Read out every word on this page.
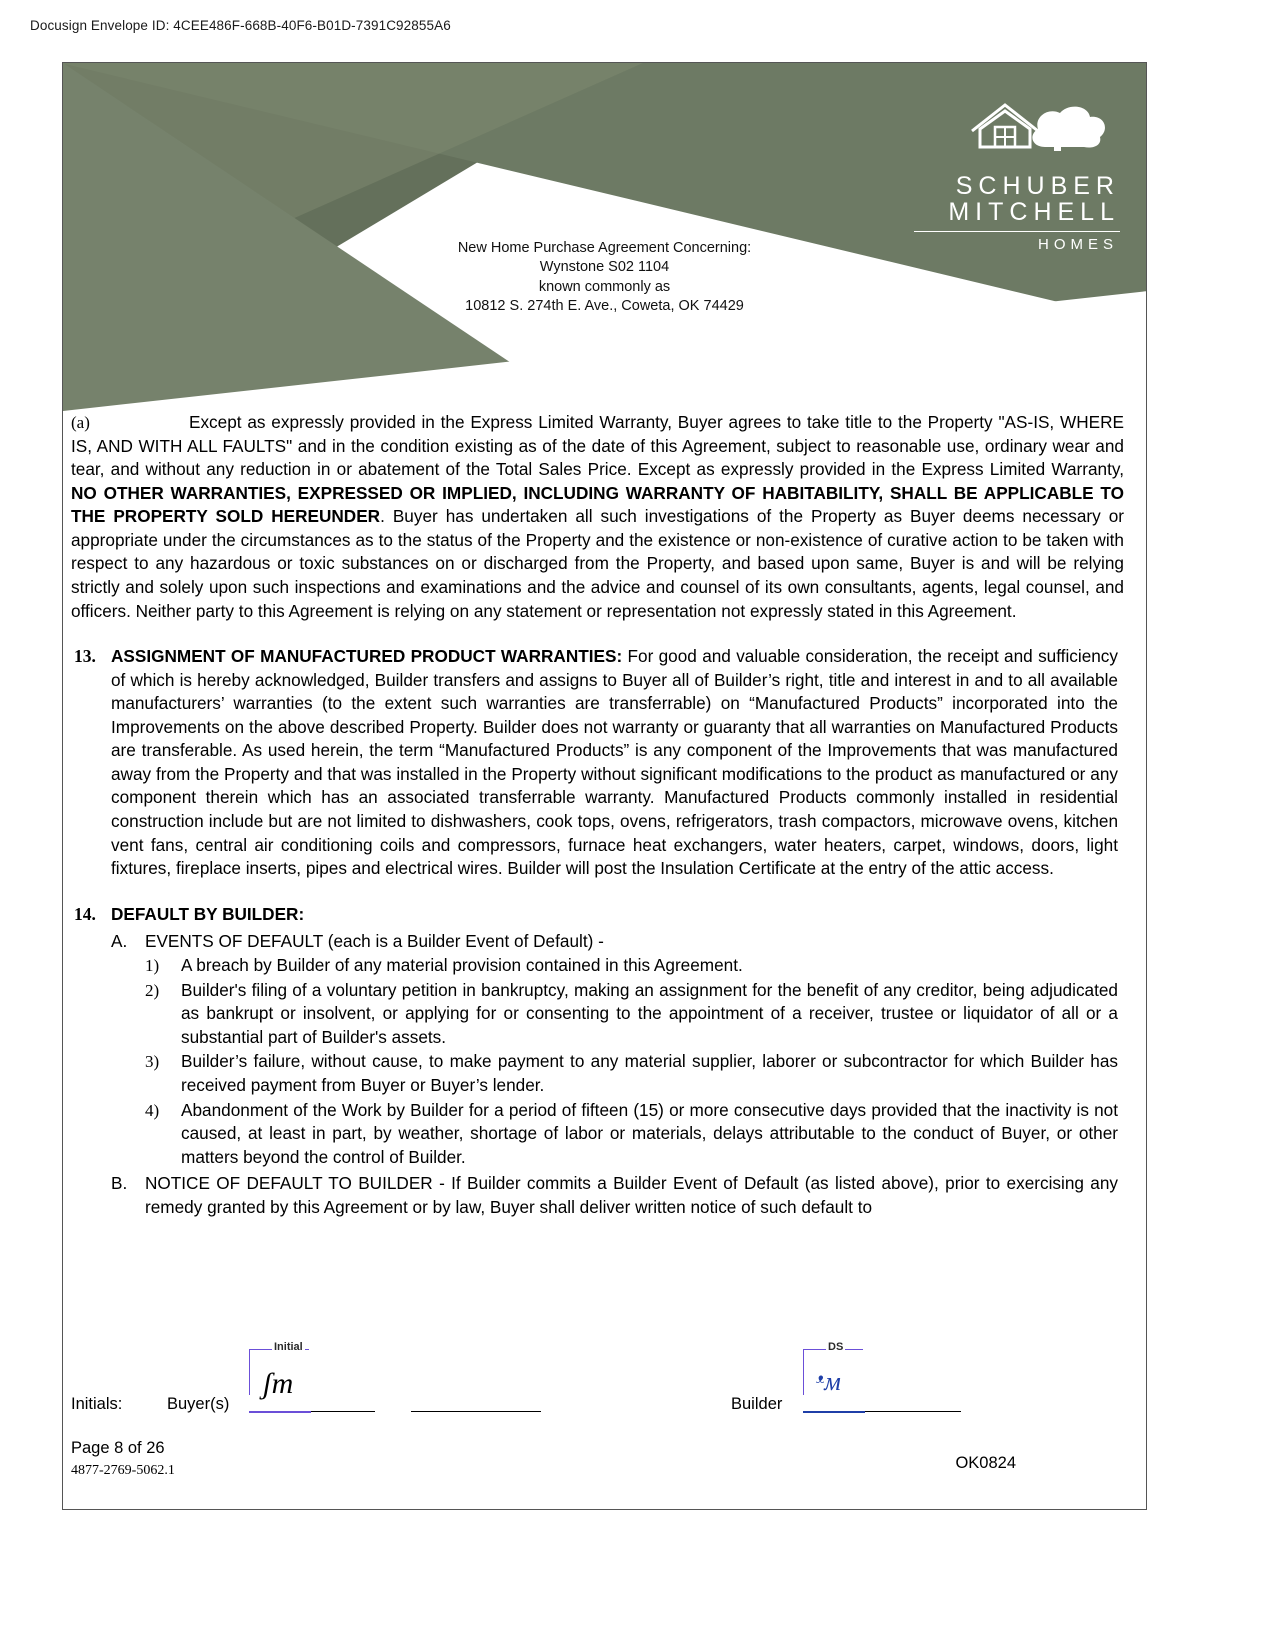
Docusign Envelope ID: 4CEE486F-668B-40F6-B01D-7391C92855A6
SCHUBER
MITCHELL
HOMES
New Home Purchase Agreement Concerning:
Wynstone S02 1104
known commonly as
10812 S. 274th E. Ave., Coweta, OK 74429

(a)	Except as expressly provided in the Express Limited Warranty, Buyer agrees to take title to the Property "AS-IS, WHERE IS, AND WITH ALL FAULTS" and in the condition existing as of the date of this Agreement, subject to reasonable use, ordinary wear and tear, and without any reduction in or abatement of the Total Sales Price. Except as expressly provided in the Express Limited Warranty, NO OTHER WARRANTIES, EXPRESSED OR IMPLIED, INCLUDING WARRANTY OF HABITABILITY, SHALL BE APPLICABLE TO THE PROPERTY SOLD HEREUNDER. Buyer has undertaken all such investigations of the Property as Buyer deems necessary or appropriate under the circumstances as to the status of the Property and the existence or non-existence of curative action to be taken with respect to any hazardous or toxic substances on or discharged from the Property, and based upon same, Buyer is and will be relying strictly and solely upon such inspections and examinations and the advice and counsel of its own consultants, agents, legal counsel, and officers. Neither party to this Agreement is relying on any statement or representation not expressly stated in this Agreement.

13. ASSIGNMENT OF MANUFACTURED PRODUCT WARRANTIES: For good and valuable consideration, the receipt and sufficiency of which is hereby acknowledged, Builder transfers and assigns to Buyer all of Builder’s right, title and interest in and to all available manufacturers’ warranties (to the extent such warranties are transferrable) on “Manufactured Products” incorporated into the Improvements on the above described Property. Builder does not warranty or guaranty that all warranties on Manufactured Products are transferable. As used herein, the term “Manufactured Products” is any component of the Improvements that was manufactured away from the Property and that was installed in the Property without significant modifications to the product as manufactured or any component therein which has an associated transferrable warranty. Manufactured Products commonly installed in residential construction include but are not limited to dishwashers, cook tops, ovens, refrigerators, trash compactors, microwave ovens, kitchen vent fans, central air conditioning coils and compressors, furnace heat exchangers, water heaters, carpet, windows, doors, light fixtures, fireplace inserts, pipes and electrical wires. Builder will post the Insulation Certificate at the entry of the attic access.
14. DEFAULT BY BUILDER:
A.	EVENTS OF DEFAULT (each is a Builder Event of Default) -
1)	A breach by Builder of any material provision contained in this Agreement.
2)	Builder's filing of a voluntary petition in bankruptcy, making an assignment for the benefit of any creditor, being adjudicated as bankrupt or insolvent, or applying for or consenting to the appointment of a receiver, trustee or liquidator of all or a substantial part of Builder's assets.
3)	Builder’s failure, without cause, to make payment to any material supplier, laborer or subcontractor for which Builder has received payment from Buyer or Buyer’s lender.
4)	Abandonment of the Work by Builder for a period of fifteen (15) or more consecutive days provided that the inactivity is not caused, at least in part, by weather, shortage of labor or materials, delays attributable to the conduct of Buyer, or other matters beyond the control of Builder.
B.	NOTICE OF DEFAULT TO BUILDER - If Builder commits a Builder Event of Default (as listed above), prior to exercising any remedy granted by this Agreement or by law, Buyer shall deliver written notice of such default to
Initial
ʃт
DS
ᵜм
Initials:	Buyer(s)	Builder
Page 8 of 26
4877-2769-5062.1	OK0824
